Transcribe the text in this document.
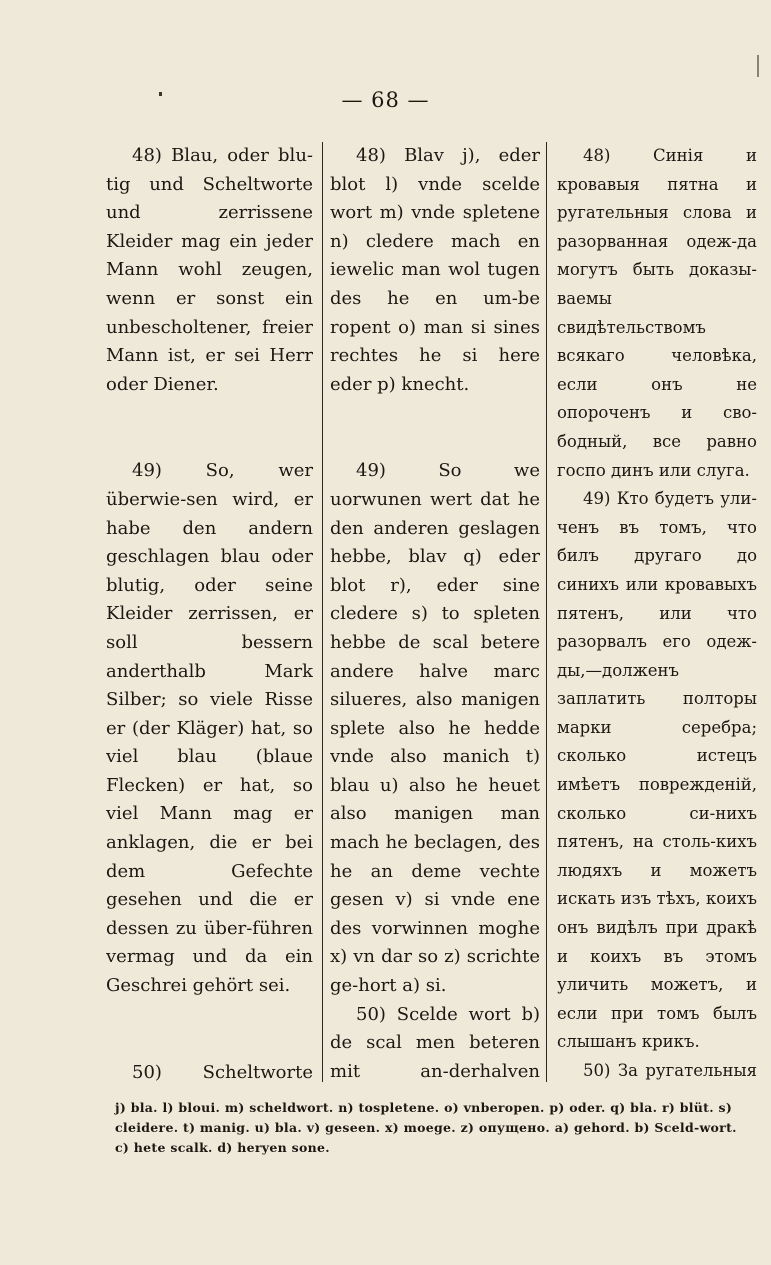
— 68 —

48) Blau, oder blu-tig und Scheltworte und zerrissene Kleider mag ein jeder Mann wohl zeugen, wenn er sonst ein unbescholtener, freier Mann ist, er sei Herr oder Diener.

49) So, wer überwie-sen wird, er habe den andern geschlagen blau oder blutig, oder seine Kleider zerrissen, er soll bessern anderthalb Mark Silber; so viele Risse er (der Kläger) hat, so viel blau (blaue Flecken) er hat, so viel Mann mag er anklagen, die er bei dem Gefechte gesehen und die er dessen zu über-führen vermag und da ein Geschrei gehört sei.

50) Scheltworte

48) Blav j), eder blot l) vnde scelde wort m) vnde spletene n) cledere mach en ieweliс man wol tugen des he en um-be ropent o) man si sines rechtes he si here eder p) knecht.

49) So we uorwunen wert dat he den anderen geslagen hebbe, blav q) eder blot r), eder sine cledere s) to spleten hebbe de scal betere andere halve marc silueres, also manigen splete also he hedde vnde also manich t) blau u) also he heuet also manigen man mach he beclagen, des he an deme vechte gesen v) si vnde ene des vorwinnen moghe x) vn dar so z) scrichte ge-hort a) si.

50) Scelde wort b) de scal men beteren mit an-derhalven

48) Синія и кровавыя пятна и ругательныя слова и разорванная одеж-да могутъ быть доказы-ваемы свидѣтельствомъ всякаго человѣка, если онъ не опороченъ и сво-бодный, все равно госпо динъ или слуга.

49) Кто будетъ ули-ченъ въ томъ, что билъ другаго до синихъ или кровавыхъ пятенъ, или что разорвалъ его одеж-ды,—долженъ заплатить полторы марки серебра; сколько истецъ имѣетъ поврежденій, сколько си-нихъ пятенъ, на столь-кихъ людяхъ и можетъ искать изъ тѣхъ, коихъ онъ видѣлъ при дракѣ и коихъ въ этомъ уличить можетъ, и если при томъ былъ слышанъ крикъ.

50) За ругательныя

j) bla. l) bloui. m) scheldwort. n) tospletene. o) vnberopen. p) oder. q) bla. r) blüt. s) cleidere. t) manig. u) bla. v) geseen. x) moege. z) опущено. a) gehord. b) Sceld-wort. c) hete scalk. d) heryen sone.
